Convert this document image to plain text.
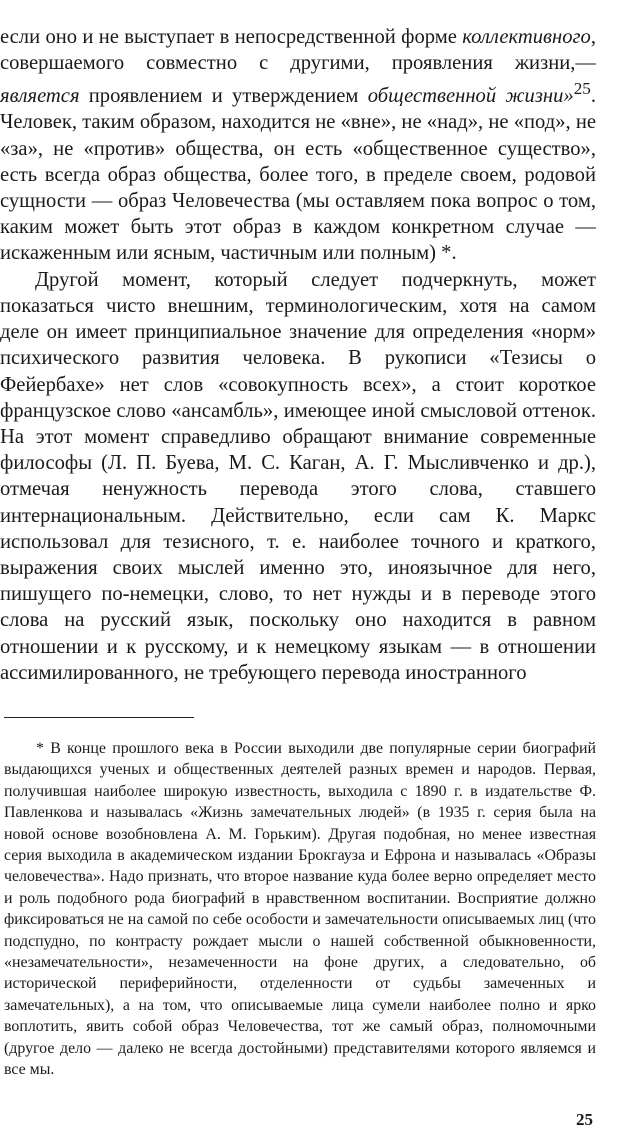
если оно и не выступает в непосредственной форме коллективного, совершаемого совместно с другими, проявления жизни,— является проявлением и утверждением общественной жизни»$^{25}$. Человек, таким образом, находится не «вне», не «над», не «под», не «за», не «против» общества, он есть «общественное существо», есть всегда образ общества, более того, в пределе своем, родовой сущности — образ Человечества (мы оставляем пока вопрос о том, каким может быть этот образ в каждом конкретном случае — искаженным или ясным, частичным или полным) *.

Другой момент, который следует подчеркнуть, может показаться чисто внешним, терминологическим, хотя на самом деле он имеет принципиальное значение для определения «норм» психического развития человека. В рукописи «Тезисы о Фейербахе» нет слов «совокупность всех», а стоит короткое французское слово «ансамбль», имеющее иной смысловой оттенок. На этот момент справедливо обращают внимание современные философы (Л. П. Буева, М. С. Каган, А. Г. Мысливченко и др.), отмечая ненужность перевода этого слова, ставшего интернациональным. Действительно, если сам К. Маркс использовал для тезисного, т. е. наиболее точного и краткого, выражения своих мыслей именно это, иноязычное для него, пишущего по-немецки, слово, то нет нужды и в переводе этого слова на русский язык, поскольку оно находится в равном отношении и к русскому, и к немецкому языкам — в отношении ассимилированного, не требующего перевода иностранного

* В конце прошлого века в России выходили две популярные серии биографий выдающихся ученых и общественных деятелей разных времен и народов. Первая, получившая наиболее широкую известность, выходила с 1890 г. в издательстве Ф. Павленкова и называлась «Жизнь замечательных людей» (в 1935 г. серия была на новой основе возобновлена А. М. Горьким). Другая подобная, но менее известная серия выходила в академическом издании Брокгауза и Ефрона и называлась «Образы человечества». Надо признать, что второе название куда более верно определяет место и роль подобного рода биографий в нравственном воспитании. Восприятие должно фиксироваться не на самой по себе особости и замечательности описываемых лиц (что подспудно, по контрасту рождает мысли о нашей собственной обыкновенности, «незамечательности», незамеченности на фоне других, а следовательно, об исторической периферийности, отделенности от судьбы замеченных и замечательных), а на том, что описываемые лица сумели наиболее полно и ярко воплотить, явить собой образ Человечества, тот же самый образ, полномочными (другое дело — далеко не всегда достойными) представителями которого являемся и все мы.

25
